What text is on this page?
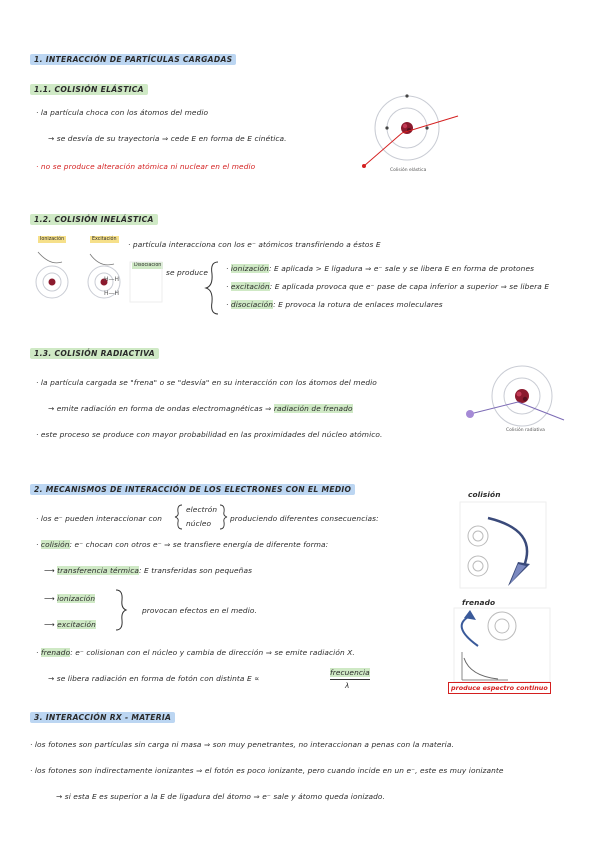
1. INTERACCIÓN DE PARTÍCULAS CARGADAS
1.1. COLISIÓN ELÁSTICA
· la partícula choca con los átomos del medio
→ se desvía de su trayectoria ⇒ cede E en forma de E cinética.
· no se produce alteración atómica ni nuclear en el medio	Colisión elástica
1.2. COLISIÓN INELÁSTICA
· partícula interacciona con los e⁻ atómicos transfiriendo a éstos E
Ionización	Excitación
Disociación
H—H
H—H
se produce · ionización: E aplicada > E ligadura ⇒ e⁻ sale y se libera E en forma de protones
· excitación: E aplicada provoca que e⁻ pase de capa inferior a superior ⇒ se libera E
· disociación: E provoca la rotura de enlaces moleculares
1.3. COLISIÓN RADIACTIVA
· la partícula cargada se "frena" o se "desvía" en su interacción con los átomos del medio
→ emite radiación en forma de ondas electromagnéticas ⇒ radiación de frenado
· este proceso se produce con mayor probabilidad en las proximidades del núcleo atómico.	Colisión radiativa
2. MECANISMOS DE INTERACCIÓN DE LOS ELECTRONES CON EL MEDIO
· los e⁻ pueden interaccionar con
electrón
núcleo
produciendo diferentes consecuencias:
· colisión: e⁻ chocan con otros e⁻ ⇒ se transfiere energía de diferente forma:
⟶ transferencia térmica: E transferidas son pequeñas
⟶ ionización
⟶ excitación
provocan efectos en el medio.
· frenado: e⁻ colisionan con el núcleo y cambia de dirección ⇒ se emite radiación X.
→ se libera radiación en forma de fotón con distinta E ∝
frecuencia
λ
colisión
frenado
produce espectro continuo
3. INTERACCIÓN RX - MATERIA
· los fotones son partículas sin carga ni masa ⇒ son muy penetrantes, no interaccionan a penas con la materia.
· los fotones son indirectamente ionizantes ⇒ el fotón es poco ionizante, pero cuando incide en un e⁻, este es muy ionizante
→ si esta E es superior a la E de ligadura del átomo ⇒ e⁻ sale y átomo queda ionizado.
